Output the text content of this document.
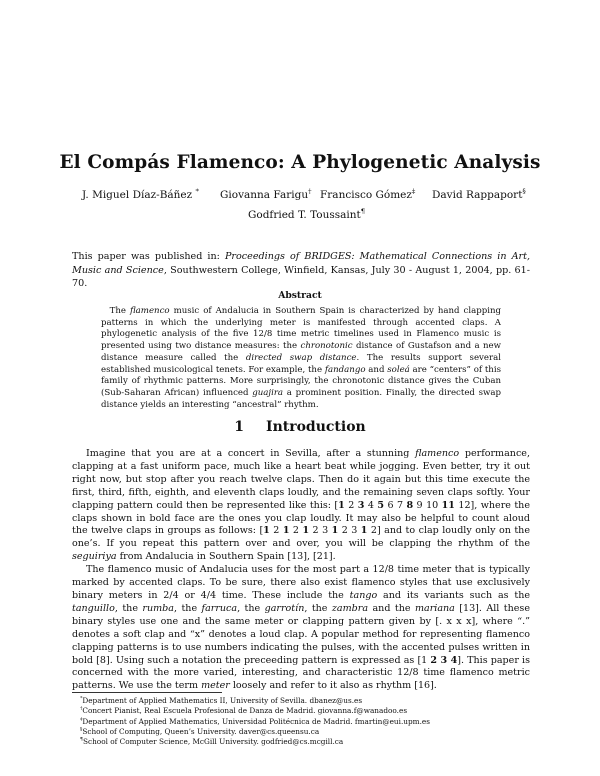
El Compás Flamenco: A Phylogenetic Analysis
J. Miguel Díaz-Báñez * Giovanna Farigu† Francisco Gómez‡ David Rappaport§
Godfried T. Toussaint¶
This paper was published in: Proceedings of BRIDGES: Mathematical Connections in Art, Music and Science, Southwestern College, Winfield, Kansas, July 30 - August 1, 2004, pp. 61-70.
Abstract
 The flamenco music of Andalucia in Southern Spain is characterized by hand clapping patterns in which the underlying meter is manifested through accented claps. A phylogenetic analysis of the five 12/8 time metric timelines used in Flamenco music is presented using two distance measures: the chronotonic distance of Gustafson and a new distance measure called the directed swap distance. The results support several established musicological tenets. For example, the fandango and soleá are “centers” of this family of rhythmic patterns. More surprisingly, the chronotonic distance gives the Cuban (Sub-Saharan African) influenced guajira a prominent position. Finally, the directed swap distance yields an interesting “ancestral” rhythm.
1 Introduction

Imagine that you are at a concert in Sevilla, after a stunning flamenco performance, clapping at a fast uniform pace, much like a heart beat while jogging. Even better, try it out right now, but stop after you reach twelve claps. Then do it again but this time execute the first, third, fifth, eighth, and eleventh claps loudly, and the remaining seven claps softly. Your clapping pattern could then be represented like this: [1 2 3 4 5 6 7 8 9 10 11 12], where the claps shown in bold face are the ones you clap loudly. It may also be helpful to count aloud the twelve claps in groups as follows: [1 2 1 2 1 2 3 1 2 3 1 2] and to clap loudly only on the one’s. If you repeat this pattern over and over, you will be clapping the rhythm of the seguiriya from Andalucia in Southern Spain [13], [21].

The flamenco music of Andalucia uses for the most part a 12/8 time meter that is typically marked by accented claps. To be sure, there also exist flamenco styles that use exclusively binary meters in 2/4 or 4/4 time. These include the tango and its variants such as the tanguillo, the rumba, the farruca, the garrotín, the zambra and the mariana [13]. All these binary styles use one and the same meter or clapping pattern given by [. x x x], where “.” denotes a soft clap and “x” denotes a loud clap. A popular method for representing flamenco clapping patterns is to use numbers indicating the pulses, with the accented pulses written in bold [8]. Using such a notation the preceeding pattern is expressed as [1 2 3 4]. This paper is concerned with the more varied, interesting, and characteristic 12/8 time flamenco metric patterns. We use the term meter loosely and refer to it also as rhythm [16].

*Department of Applied Mathematics II, University of Sevilla. dbanez@us.es
†Concert Pianist, Real Escuela Profesional de Danza de Madrid. giovanna.f@wanadoo.es
‡Department of Applied Mathematics, Universidad Politécnica de Madrid. fmartin@eui.upm.es
§School of Computing, Queen’s University. daver@cs.queensu.ca
¶School of Computer Science, McGill University. godfried@cs.mcgill.ca
